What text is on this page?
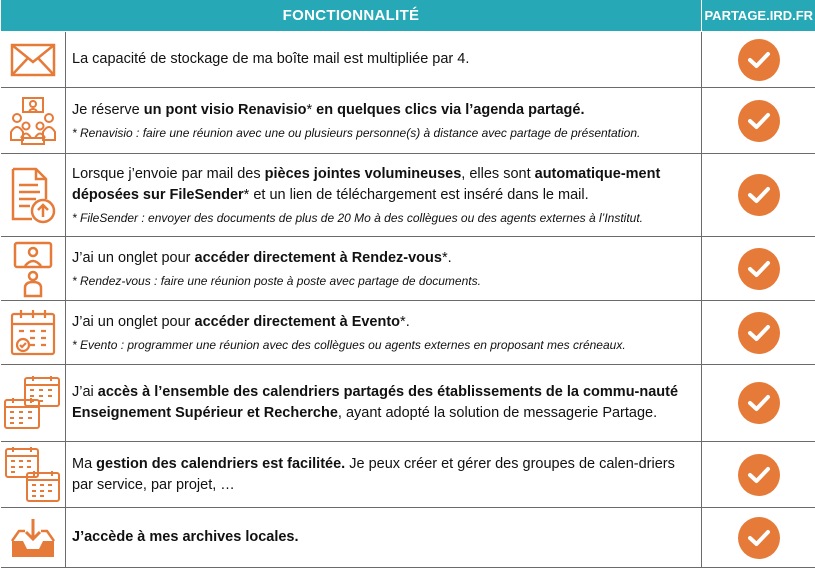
FONCTIONNALITÉ		PARTAGE.IRD.FR

La capacité de stockage de ma boîte mail est multipliée par 4.

Je réserve un pont visio Renavisio* en quelques clics via l’agenda partagé.
* Renavisio : faire une réunion avec une ou plusieurs personne(s) à distance avec partage de présentation.

Lorsque j’envoie par mail des pièces jointes volumineuses, elles sont automatique-ment déposées sur FileSender* et un lien de téléchargement est inséré dans le mail.
* FileSender : envoyer des documents de plus de 20 Mo à des collègues ou des agents externes à l’Institut.

J’ai un onglet pour accéder directement à Rendez-vous*.
* Rendez-vous : faire une réunion poste à poste avec partage de documents.

J’ai un onglet pour accéder directement à Evento*.
* Evento : programmer une réunion avec des collègues ou agents externes en proposant mes créneaux.

J’ai accès à l’ensemble des calendriers partagés des établissements de la commu-nauté Enseignement Supérieur et Recherche, ayant adopté la solution de messagerie Partage.

Ma gestion des calendriers est facilitée. Je peux créer et gérer des groupes de calen-driers par service, par projet, …

J’accède à mes archives locales.
